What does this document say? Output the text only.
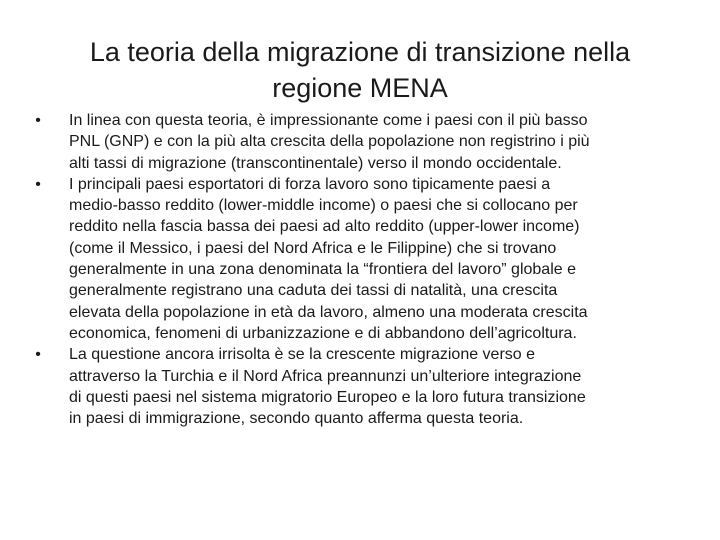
La teoria della migrazione di transizione nella
regione MENA
• In linea con questa teoria, è impressionante come i paesi con il più basso
PNL (GNP) e con la più alta crescita della popolazione non registrino i più
alti tassi di migrazione (transcontinentale) verso il mondo occidentale.
• I principali paesi esportatori di forza lavoro sono tipicamente paesi a
medio-basso reddito (lower-middle income) o paesi che si collocano per
reddito nella fascia bassa dei paesi ad alto reddito (upper-lower income)
(come il Messico, i paesi del Nord Africa e le Filippine) che si trovano
generalmente in una zona denominata la “frontiera del lavoro” globale e
generalmente registrano una caduta dei tassi di natalità, una crescita
elevata della popolazione in età da lavoro, almeno una moderata crescita
economica, fenomeni di urbanizzazione e di abbandono dell’agricoltura.
• La questione ancora irrisolta è se la crescente migrazione verso e
attraverso la Turchia e il Nord Africa preannunzi un’ulteriore integrazione
di questi paesi nel sistema migratorio Europeo e la loro futura transizione
in paesi di immigrazione, secondo quanto afferma questa teoria.
